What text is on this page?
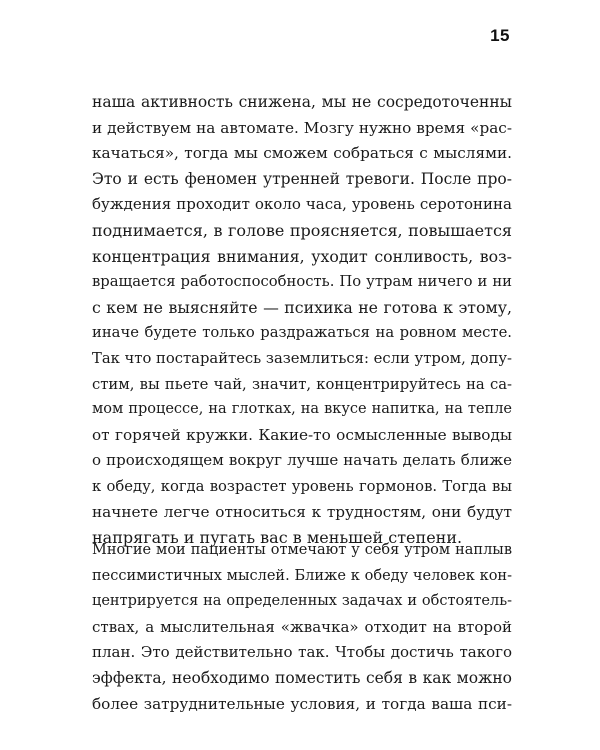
15
наша активность снижена, мы не сосредоточенны
и действуем на автомате. Мозгу нужно время «рас-
качаться», тогда мы сможем собраться с мыслями.
Это и есть феномен утренней тревоги. После про-
буждения проходит около часа, уровень серотонина
поднимается, в голове проясняется, повышается
концентрация внимания, уходит сонливость, воз-
вращается работоспособность. По утрам ничего и ни
с кем не выясняйте — психика не готова к этому,
иначе будете только раздражаться на ровном месте.
Так что постарайтесь заземлиться: если утром, допу-
стим, вы пьете чай, значит, концентрируйтесь на са-
мом процессе, на глотках, на вкусе напитка, на тепле
от горячей кружки. Какие-то осмысленные выводы
о происходящем вокруг лучше начать делать ближе
к обеду, когда возрастет уровень гормонов. Тогда вы
начнете легче относиться к трудностям, они будут
напрягать и пугать вас в меньшей степени.
Многие мои пациенты отмечают у себя утром наплыв
пессимистичных мыслей. Ближе к обеду человек кон-
центрируется на определенных задачах и обстоятель-
ствах, а мыслительная «жвачка» отходит на второй
план. Это действительно так. Чтобы достичь такого
эффекта, необходимо поместить себя в как можно
более затруднительные условия, и тогда ваша пси-
